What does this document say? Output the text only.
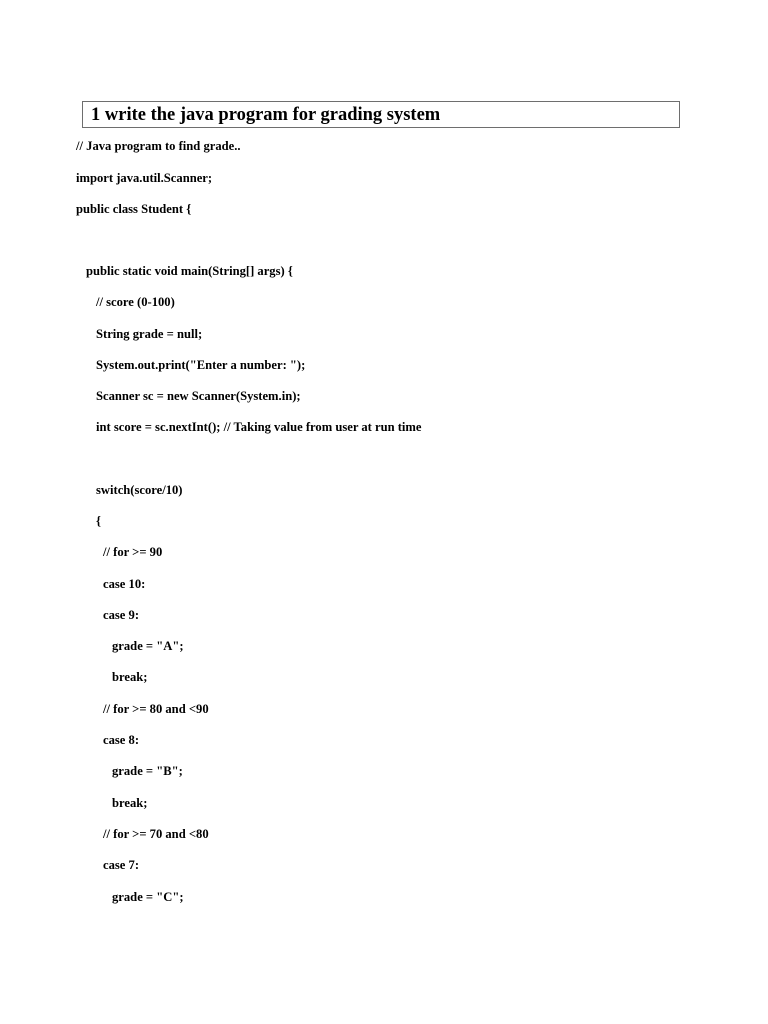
1 write the java program for grading system
// Java program to find grade..
import java.util.Scanner;
public class Student {
public static void main(String[] args) {
// score (0-100)
String grade = null;
System.out.print("Enter a number: ");
Scanner sc = new Scanner(System.in);
int score = sc.nextInt(); // Taking value from user at run time
switch(score/10)
{
// for >= 90
case 10:
case 9:
grade = "A";
break;
// for >= 80 and <90
case 8:
grade = "B";
break;
// for >= 70 and <80
case 7:
grade = "C";
